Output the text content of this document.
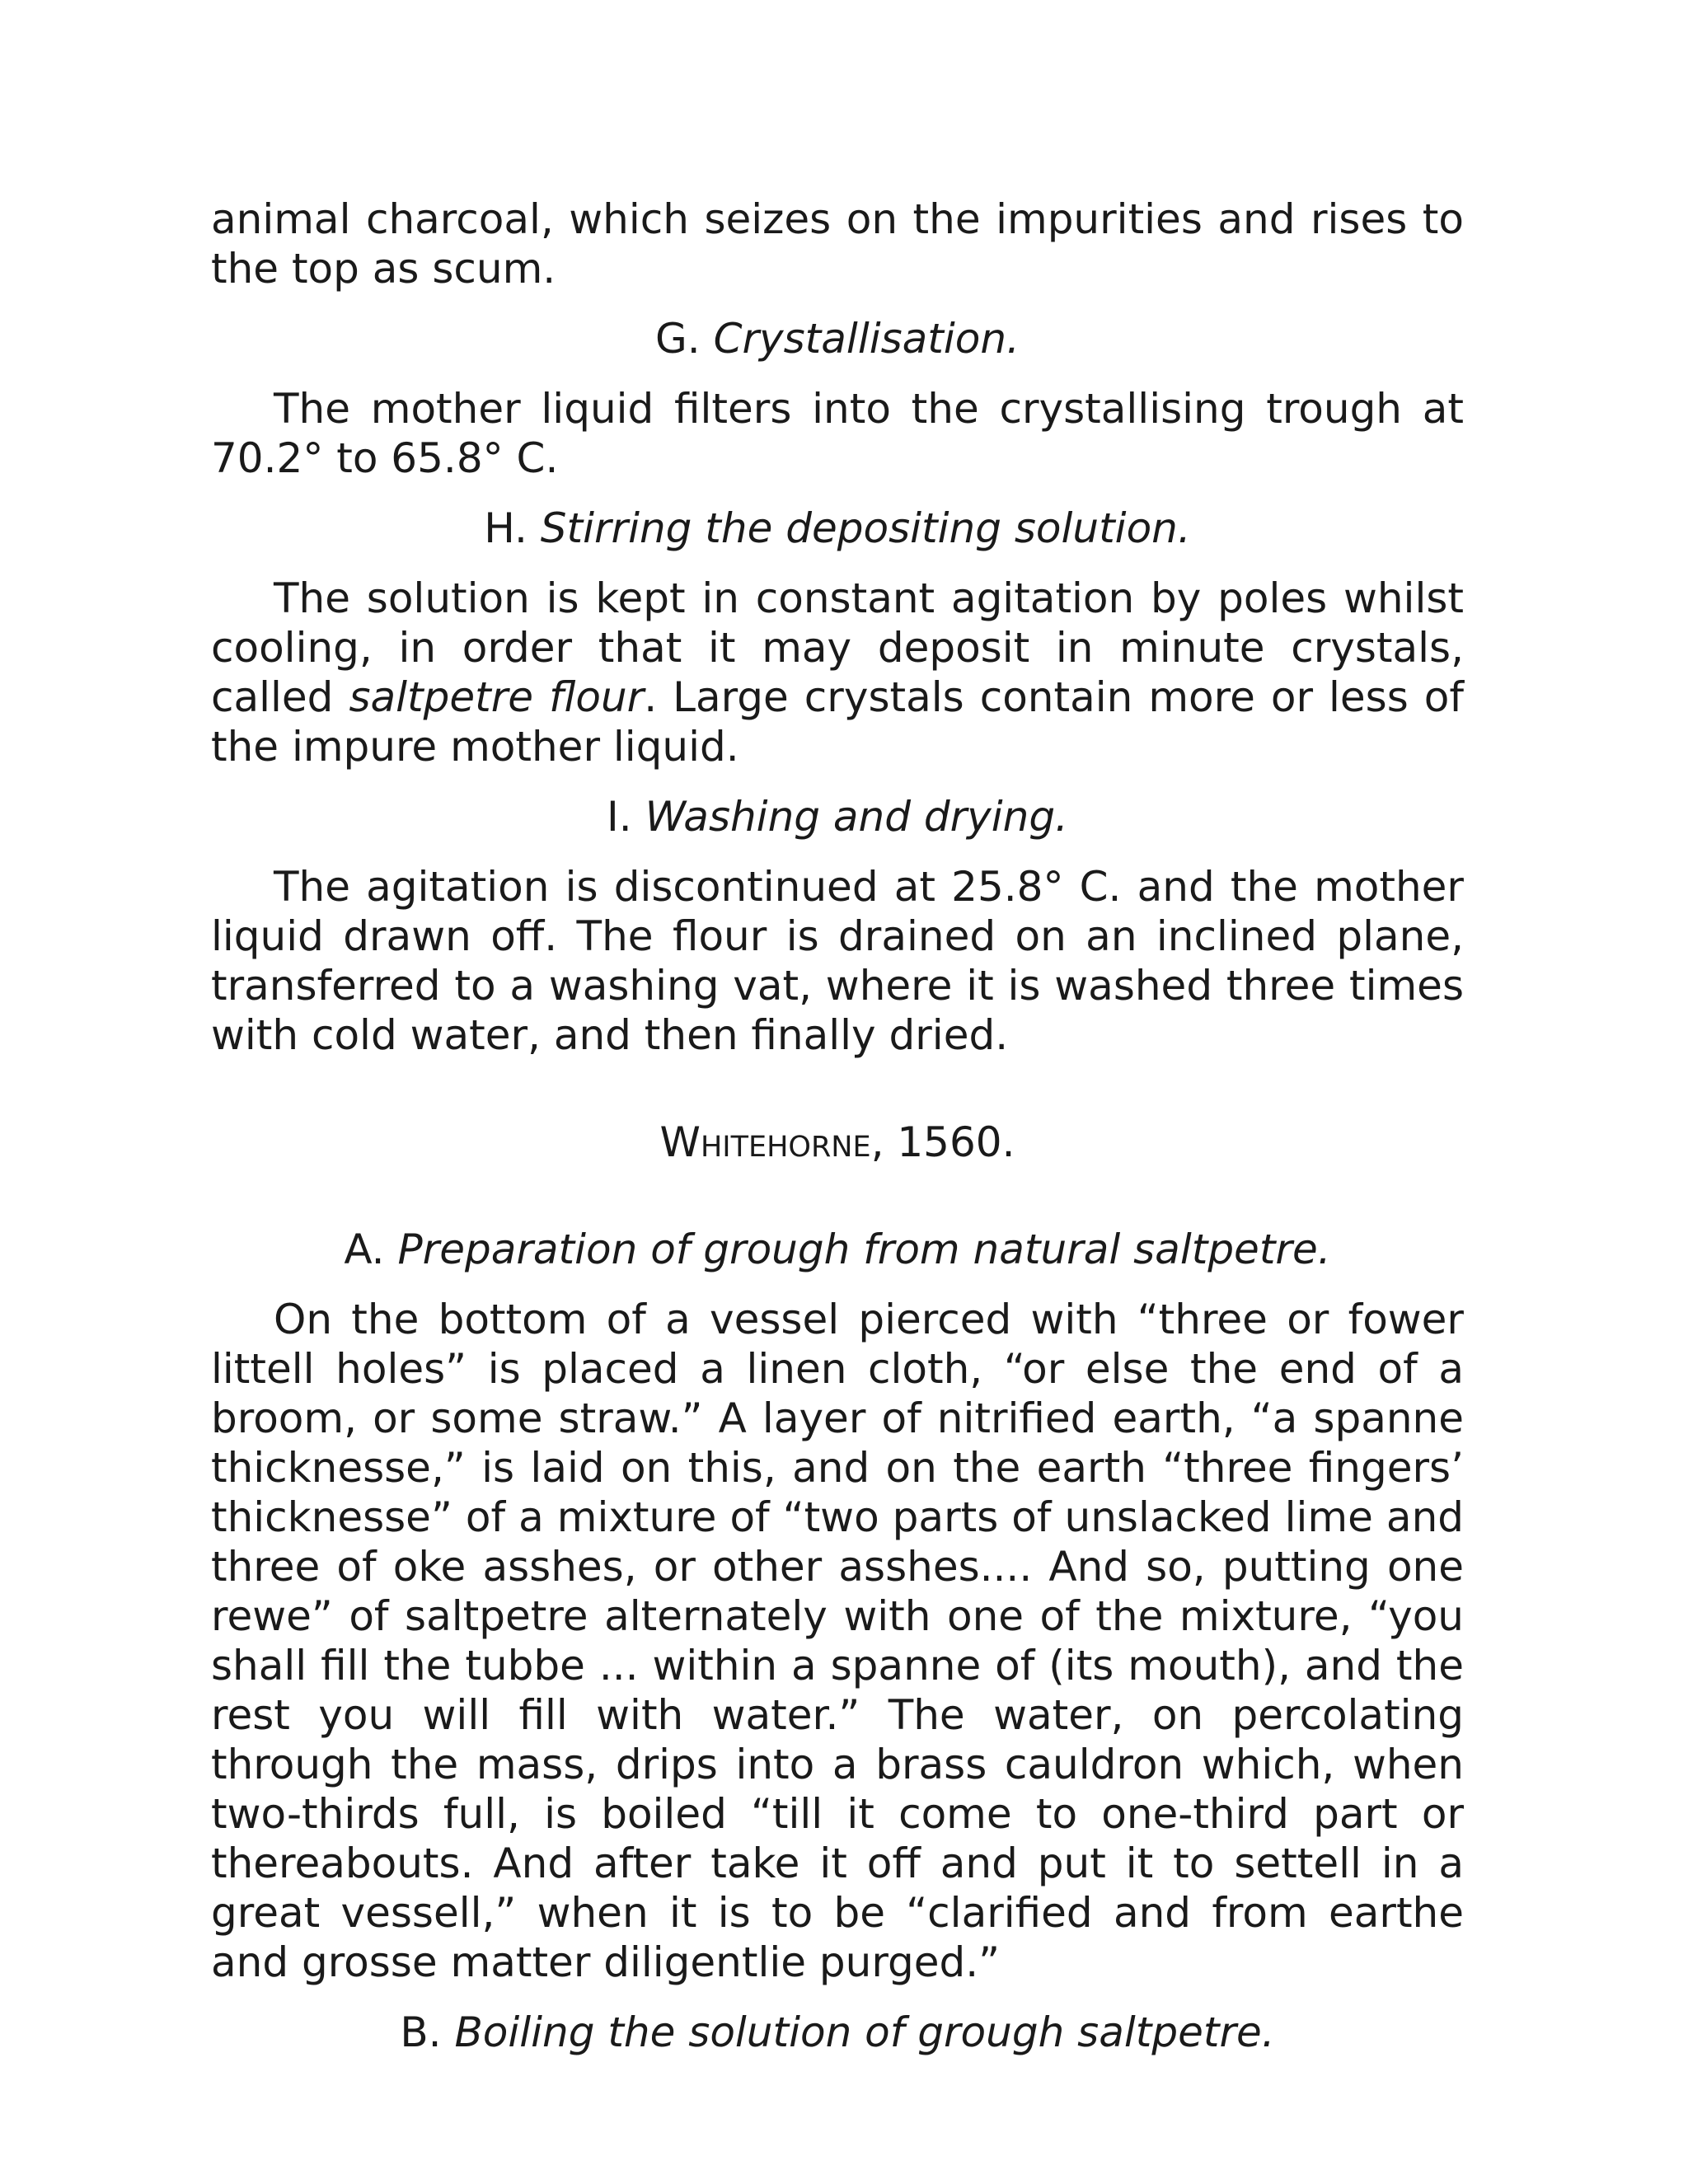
animal charcoal, which seizes on the impurities and rises to the top as scum.

G. Crystallisation.

The mother liquid filters into the crystallising trough at 70.2° to 65.8° C.

H. Stirring the depositing solution.

The solution is kept in constant agitation by poles whilst cooling, in order that it may deposit in minute crystals, called saltpetre flour. Large crystals contain more or less of the impure mother liquid.

I. Washing and drying.

The agitation is discontinued at 25.8° C. and the mother liquid drawn off. The flour is drained on an inclined plane, transferred to a washing vat, where it is washed three times with cold water, and then finally dried.

Whitehorne, 1560.
A. Preparation of grough from natural saltpetre.

On the bottom of a vessel pierced with “three or fower littell holes” is placed a linen cloth, “or else the end of a broom, or some straw.” A layer of nitrified earth, “a spanne thicknesse,” is laid on this, and on the earth “three fingers’ thicknesse” of a mixture of “two parts of unslacked lime and three of oke asshes, or other asshes.... And so, putting one rewe” of saltpetre alternately with one of the mixture, “you shall fill the tubbe ... within a spanne of (its mouth), and the rest you will fill with water.” The water, on percolating through the mass, drips into a brass cauldron which, when two-thirds full, is boiled “till it come to one-third part or thereabouts. And after take it off and put it to settell in a great vessell,” when it is to be “clarified and from earthe and grosse matter diligentlie purged.”

B. Boiling the solution of grough saltpetre.
